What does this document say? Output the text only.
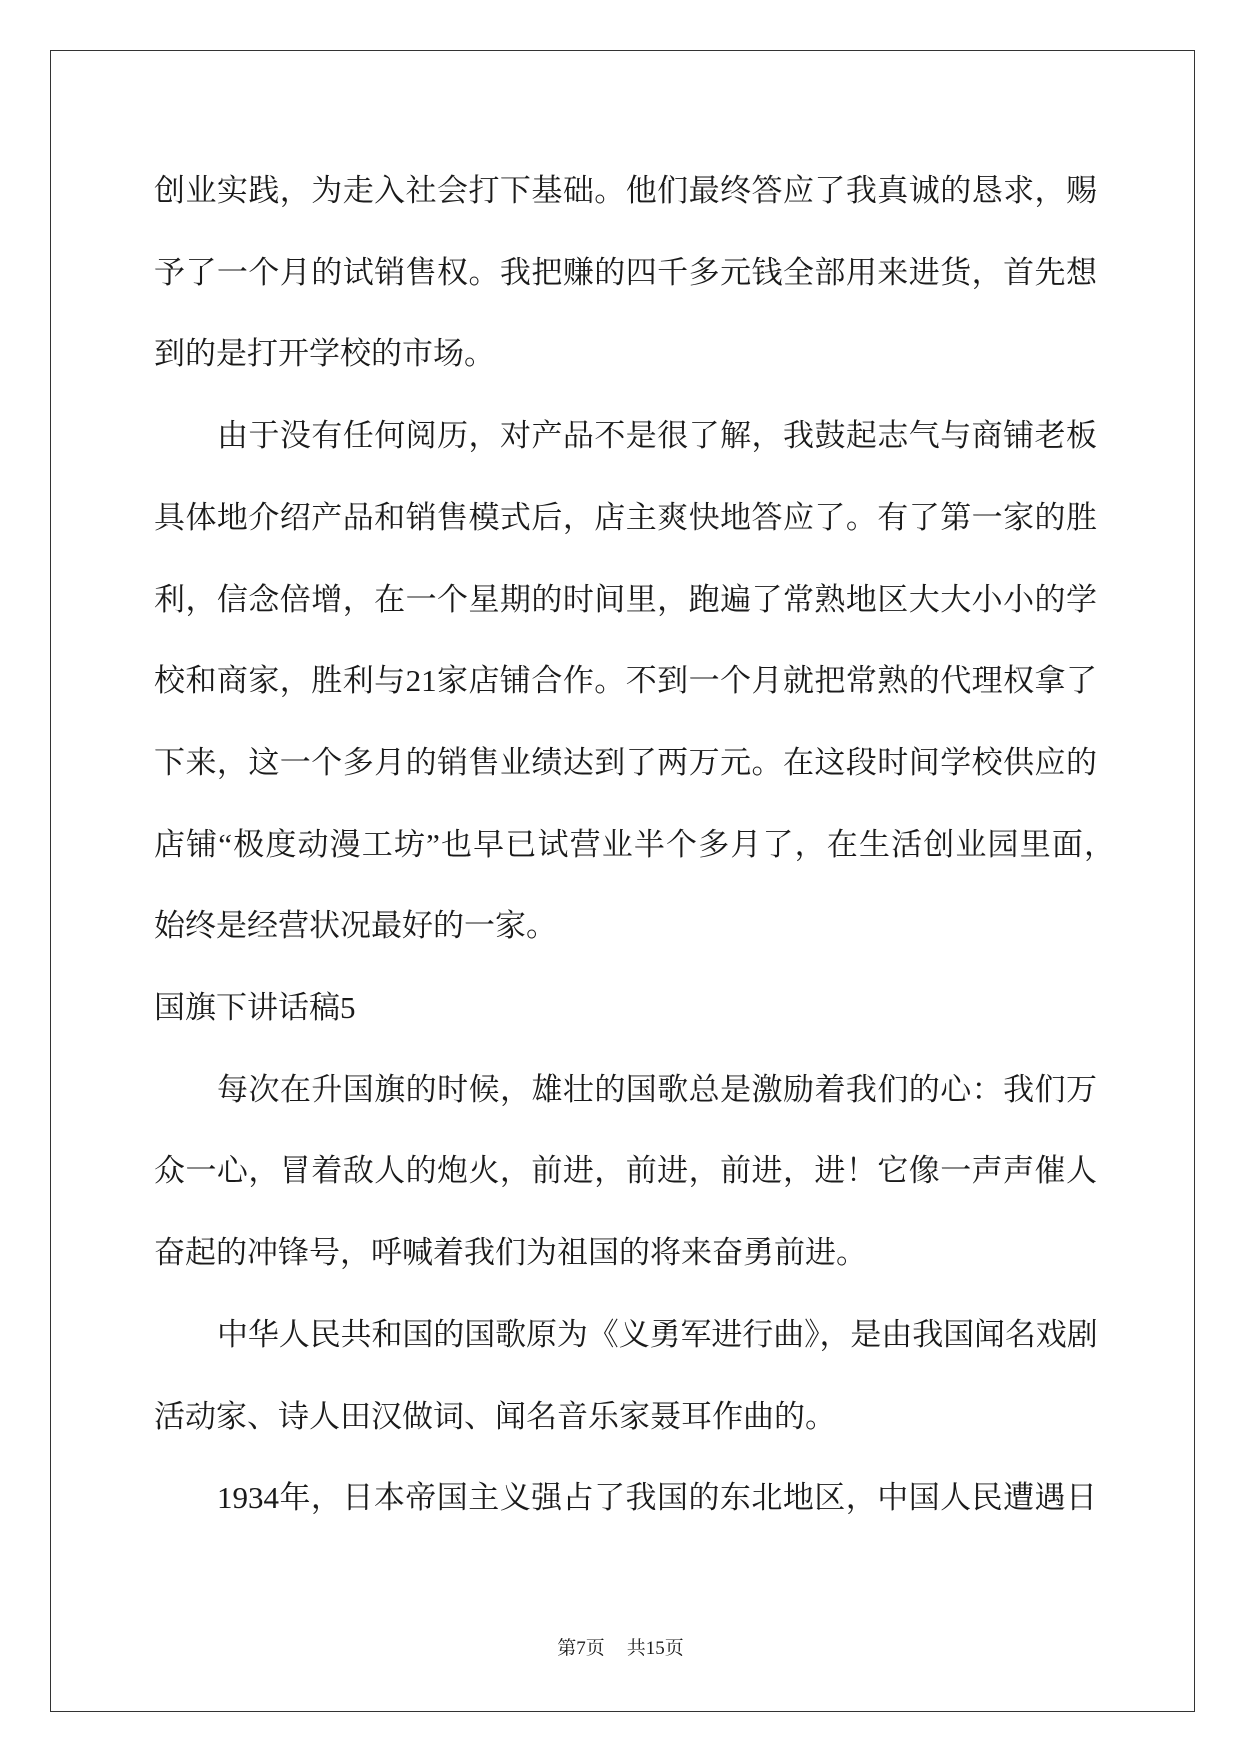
创业实践，为走入社会打下基础。他们最终答应了我真诚的恳求，赐
予了一个月的试销售权。我把赚的四千多元钱全部用来进货，首先想
到的是打开学校的市场。
由于没有任何阅历，对产品不是很了解，我鼓起志气与商铺老板
具体地介绍产品和销售模式后，店主爽快地答应了。有了第一家的胜
利，信念倍增，在一个星期的时间里，跑遍了常熟地区大大小小的学
校和商家，胜利与21家店铺合作。不到一个月就把常熟的代理权拿了
下来，这一个多月的销售业绩达到了两万元。在这段时间学校供应的
店铺“极度动漫工坊”也早已试营业半个多月了，在生活创业园里面，
始终是经营状况最好的一家。
国旗下讲话稿5
每次在升国旗的时候，雄壮的国歌总是激励着我们的心：我们万
众一心，冒着敌人的炮火，前进，前进，前进，进！它像一声声催人
奋起的冲锋号，呼喊着我们为祖国的将来奋勇前进。
中华人民共和国的国歌原为《义勇军进行曲》，是由我国闻名戏剧
活动家、诗人田汉做词、闻名音乐家聂耳作曲的。
1934年，日本帝国主义强占了我国的东北地区，中国人民遭遇日
第7页 共15页
